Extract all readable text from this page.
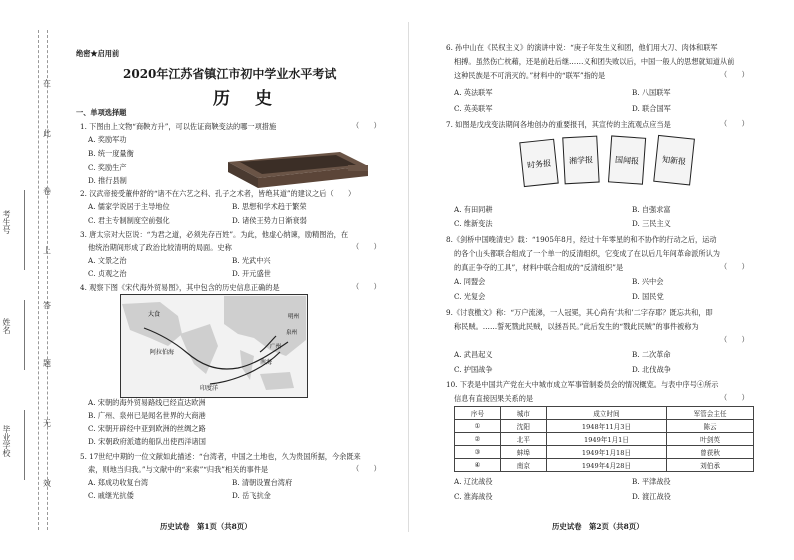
在
此
卷
上
答
题
无
效
考生号
姓名
毕业学校
绝密★启用前
2020年江苏省镇江市初中学业水平考试
历　史
一、单项选择题
1. 下图由上文物“商鞅方升”，可以佐证商鞅变法的哪一项措施	（　　）
A. 奖励军功
B. 统一度量衡
C. 奖励生产
D. 推行县制
2. 汉武帝接受董仲舒的“诸不在六艺之科、孔子之术者，皆绝其道”的建议之后（　　）
A. 儒家学说居于主导地位	B. 思想和学术趋于繁荣
C. 君主专制制度空前强化	D. 诸侯王势力日渐衰弱
3. 唐太宗对大臣说：“为君之道，必须先存百姓”。为此，他虚心纳谏，励精图治，在
他统治期间形成了政治比较清明的局面。史称	（　　）
A. 文景之治	B. 光武中兴
C. 贞观之治	D. 开元盛世
4. 观察下图《宋代海外贸易图》，其中包含的历史信息正确的是	（　　）
大食
南海
阿拉伯海
印度洋
广州
泉州
明州
A. 宋朝的海外贸易路线已经直达欧洲
B. 广州、泉州已是闻名世界的大商港
C. 宋朝开辟经中亚到欧洲的丝绸之路
D. 宋朝政府派遣的船队出使西洋诸国
5. 17世纪中期的一位文献如此描述：“台湾者，中国之土地也，久为贵国所据，今余既来
索，则地当归我。”与文献中的“来索”“归我”相关的事件是	（　　）
A. 郑成功收复台湾	B. 清朝设置台湾府
C. 戚继光抗倭	D. 岳飞抗金
历史试卷　第1页（共8页）
6. 孙中山在《民权主义》的演讲中说：“庚子年发生义和团，他们用大刀、肉体和联军
相搏。虽然伤亡枕藉，还是前赴后继……义和团失败以后，中国一般人的思想就知道从前
这种民族是不可消灭的。”材料中的“联军”指的是	（　　）
A. 英法联军	B. 八国联军
C. 英美联军	D. 联合国军
7. 如图是戊戌变法期间各地创办的重要报刊，其宣传的主流观点应当是	（　　）
时务报 湘学报	国闻报	知新报
A. 有田同耕	B. 自强求富
C. 维新变法	D. 三民主义
8.《剑桥中国晚清史》载：“1905年8月，经过十年零星的和不协作的行动之后，运动
的各个山头都联合组成了一个单一的反清组织，它变成了在以后几年间革命派所认为
的真正争夺的工具”，材料中联合组成的“反清组织”是	（　　）
A. 同盟会	B. 兴中会
C. 光复会	D. 国民党
9.《讨袁檄文》称：“万户流涕，一人冠冕，其心尚有‘共和’二字存耶？既忘共和，即
称民贼。……誓死戮此民贼，以拯吾民。”此后发生的“戮此民贼”的事件被称为
（　　）
A. 武昌起义	B. 二次革命
C. 护国战争	D. 北伐战争
10. 下表是中国共产党在大中城市成立军事管制委员会的情况概览。与表中序号④所示
信息有直接因果关系的是	（　　）
序号	城市	成立时间	军管会主任
①	沈阳	1948年11月3日	陈云
②	北平	1949年1月1日	叶剑英
③	蚌埠	1949年1月18日	曾获秋
④	南京	1949年4月28日	刘伯承
A. 辽沈战役	B. 平津战役
C. 淮海战役	D. 渡江战役
历史试卷　第2页（共8页）
